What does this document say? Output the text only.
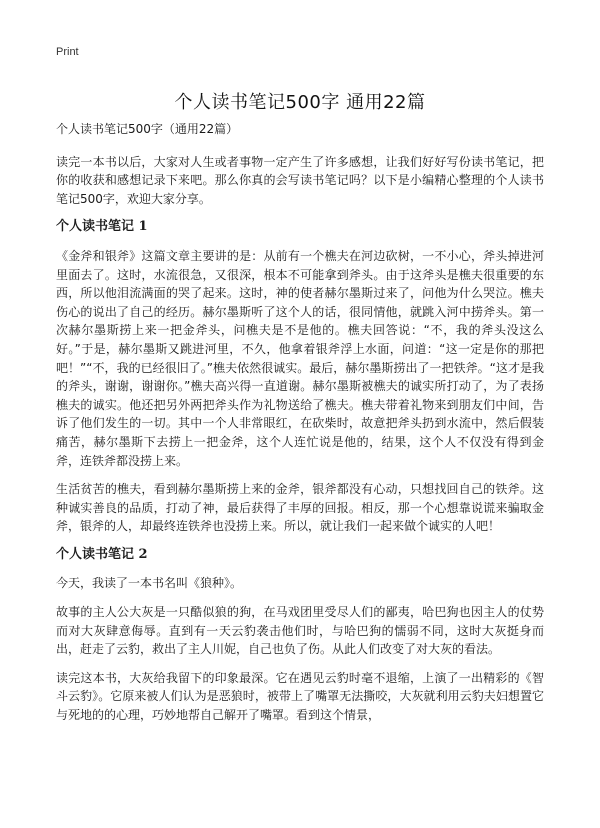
Print
个人读书笔记500字 通用22篇

个人读书笔记500字（通用22篇）

读完一本书以后，大家对人生或者事物一定产生了许多感想，让我们好好写份读书笔记，把你的收获和感想记录下来吧。那么你真的会写读书笔记吗？以下是小编精心整理的个人读书笔记500字，欢迎大家分享。

个人读书笔记 1

《金斧和银斧》这篇文章主要讲的是：从前有一个樵夫在河边砍树，一不小心，斧头掉进河里面去了。这时，水流很急，又很深，根本不可能拿到斧头。由于这斧头是樵夫很重要的东西，所以他泪流满面的哭了起来。这时，神的使者赫尔墨斯过来了，问他为什么哭泣。樵夫伤心的说出了自己的经历。赫尔墨斯听了这个人的话，很同情他，就跳入河中捞斧头。第一次赫尔墨斯捞上来一把金斧头，问樵夫是不是他的。樵夫回答说：“不，我的斧头没这么好。”于是，赫尔墨斯又跳进河里，不久，他拿着银斧浮上水面，问道：“这一定是你的那把吧！”“不，我的已经很旧了。”樵夫依然很诚实。最后，赫尔墨斯捞出了一把铁斧。“这才是我的斧头，谢谢，谢谢你。”樵夫高兴得一直道谢。赫尔墨斯被樵夫的诚实所打动了，为了表扬樵夫的诚实。他还把另外两把斧头作为礼物送给了樵夫。樵夫带着礼物来到朋友们中间，告诉了他们发生的一切。其中一个人非常眼红，在砍柴时，故意把斧头扔到水流中，然后假装痛苦，赫尔墨斯下去捞上一把金斧，这个人连忙说是他的，结果，这个人不仅没有得到金斧，连铁斧都没捞上来。

生活贫苦的樵夫，看到赫尔墨斯捞上来的金斧，银斧都没有心动，只想找回自己的铁斧。这种诚实善良的品质，打动了神，最后获得了丰厚的回报。相反，那一个心想靠说谎来骗取金斧，银斧的人，却最终连铁斧也没捞上来。所以，就让我们一起来做个诚实的人吧！

个人读书笔记 2

今天，我读了一本书名叫《狼种》。

故事的主人公大灰是一只酷似狼的狗，在马戏团里受尽人们的鄙夷，哈巴狗也因主人的仗势而对大灰肆意侮辱。直到有一天云豹袭击他们时，与哈巴狗的懦弱不同，这时大灰挺身而出，赶走了云豹，救出了主人川妮，自己也负了伤。从此人们改变了对大灰的看法。

读完这本书，大灰给我留下的印象最深。它在遇见云豹时毫不退缩，上演了一出精彩的《智斗云豹》。它原来被人们认为是恶狼时，被带上了嘴罩无法撕咬，大灰就利用云豹夫妇想置它与死地的的心理，巧妙地帮自己解开了嘴罩。看到这个情景，
